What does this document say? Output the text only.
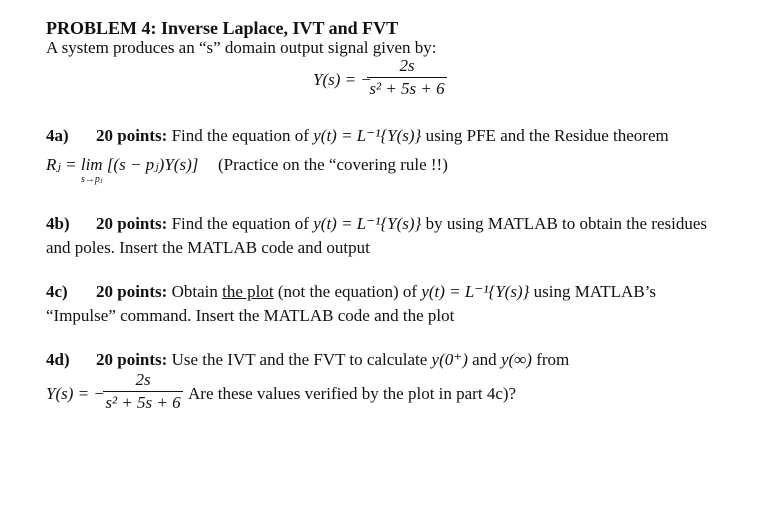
PROBLEM 4: Inverse Laplace, IVT and FVT
A system produces an “s” domain output signal given by:
Y(s) = −
2s
s² + 5s + 6
4a) 20 points: Find the equation of y(t) = L⁻¹{Y(s)} using PFE and the Residue theorem
Rⱼ = lim [(s − pⱼ)Y(s)]
s→pⱼ
(Practice on the “covering rule !!)
4b) 20 points: Find the equation of y(t) = L⁻¹{Y(s)} by using MATLAB to obtain the residues
and poles. Insert the MATLAB code and output
4c) 20 points: Obtain the plot (not the equation) of y(t) = L⁻¹{Y(s)} using MATLAB’s
“Impulse” command. Insert the MATLAB code and the plot
4d) 20 points: Use the IVT and the FVT to calculate y(0⁺) and y(∞) from
Y(s) = −
2s
s² + 5s + 6 Are these values verified by the plot in part 4c)?
